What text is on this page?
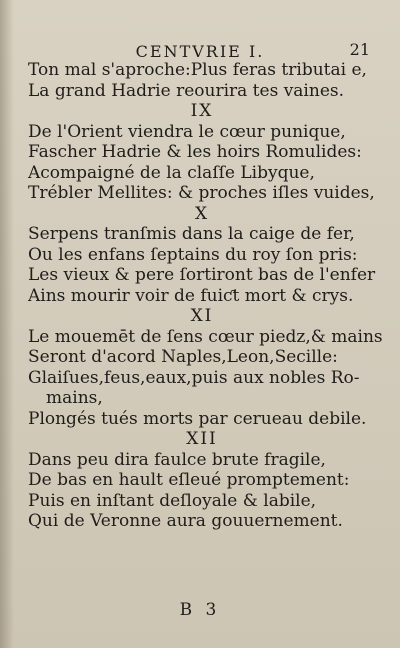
CENTVRIE I.	21
Ton mal s'aproche:Plus feras tributai e,
La grand Hadrie reourira tes vaines.
IX
De l'Orient viendra le cœur punique,
Fascher Hadrie & les hoirs Romulides:
Acompaigné de la claſſe Libyque,
Trébler Mellites: & proches iſles vuides,
X
Serpens tranſmis dans la caige de fer,
Ou les enfans ſeptains du roy ſon pris:
Les vieux & pere ſortiront bas de l'enfer
Ains mourir voir de fuiƈt mort & crys.
XI
Le mouemēt de ſens cœur piedz,& mains
Seront d'acord Naples,Leon,Secille:
Glaiſues,feus,eaux,puis aux nobles Ro-
mains,
Plongés tués morts par cerueau debile.
XII
Dans peu dira faulce brute fragile,
De bas en hault eſleué promptement:
Puis en inſtant deſloyale & labile,
Qui de Veronne aura gouuernement.
B 3
